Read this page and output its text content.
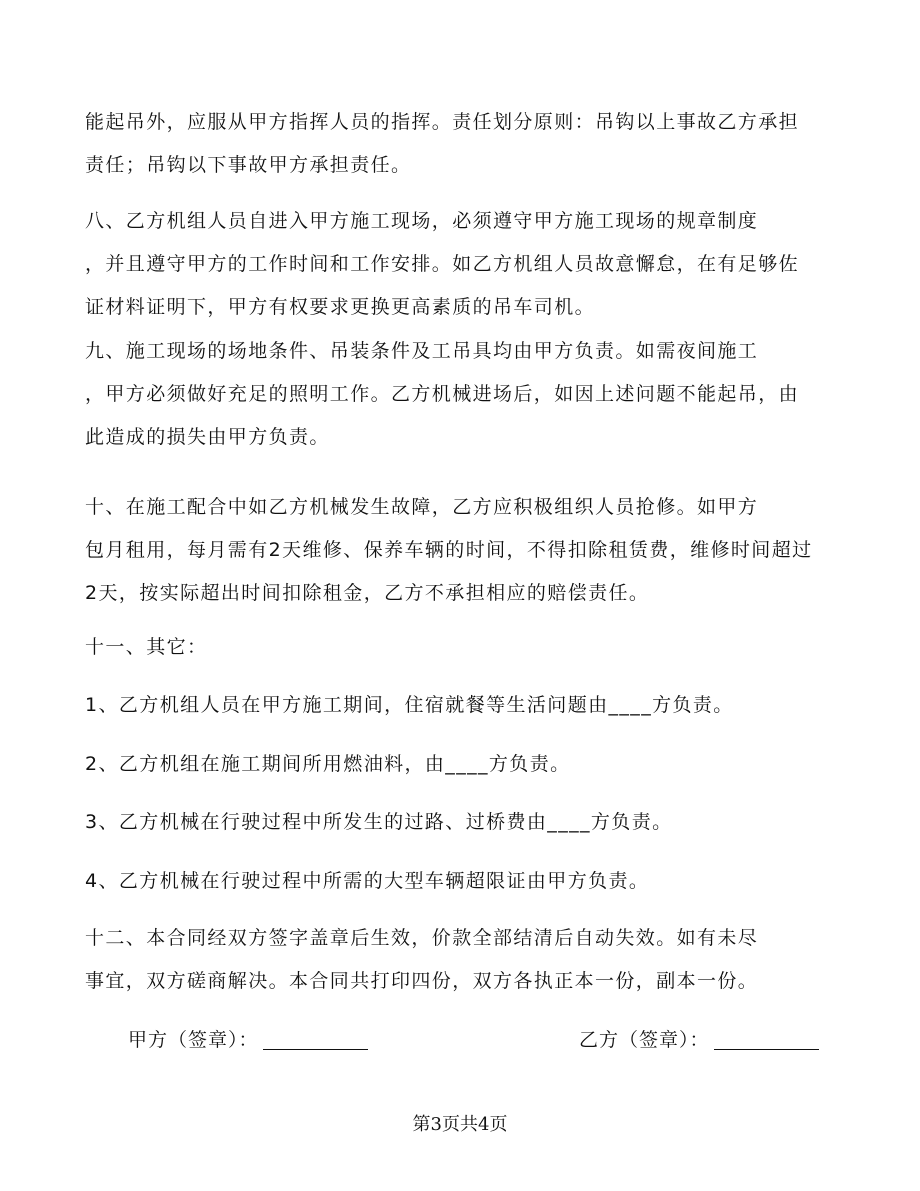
能起吊外，应服从甲方指挥人员的指挥。责任划分原则：吊钩以上事故乙方承担
责任；吊钩以下事故甲方承担责任。
八、乙方机组人员自进入甲方施工现场，必须遵守甲方施工现场的规章制度
，并且遵守甲方的工作时间和工作安排。如乙方机组人员故意懈怠，在有足够佐
证材料证明下，甲方有权要求更换更高素质的吊车司机。
九、施工现场的场地条件、吊装条件及工吊具均由甲方负责。如需夜间施工
，甲方必须做好充足的照明工作。乙方机械进场后，如因上述问题不能起吊，由
此造成的损失由甲方负责。
十、在施工配合中如乙方机械发生故障，乙方应积极组织人员抢修。如甲方
包月租用，每月需有2天维修、保养车辆的时间，不得扣除租赁费，维修时间超过
2天，按实际超出时间扣除租金，乙方不承担相应的赔偿责任。
十一、其它：
1、乙方机组人员在甲方施工期间，住宿就餐等生活问题由____方负责。
2、乙方机组在施工期间所用燃油料，由____方负责。
3、乙方机械在行驶过程中所发生的过路、过桥费由____方负责。
4、乙方机械在行驶过程中所需的大型车辆超限证由甲方负责。
十二、本合同经双方签字盖章后生效，价款全部结清后自动失效。如有未尽
事宜，双方磋商解决。本合同共打印四份，双方各执正本一份，副本一份。
甲方（签章）：	乙方（签章）：
第3页共4页
